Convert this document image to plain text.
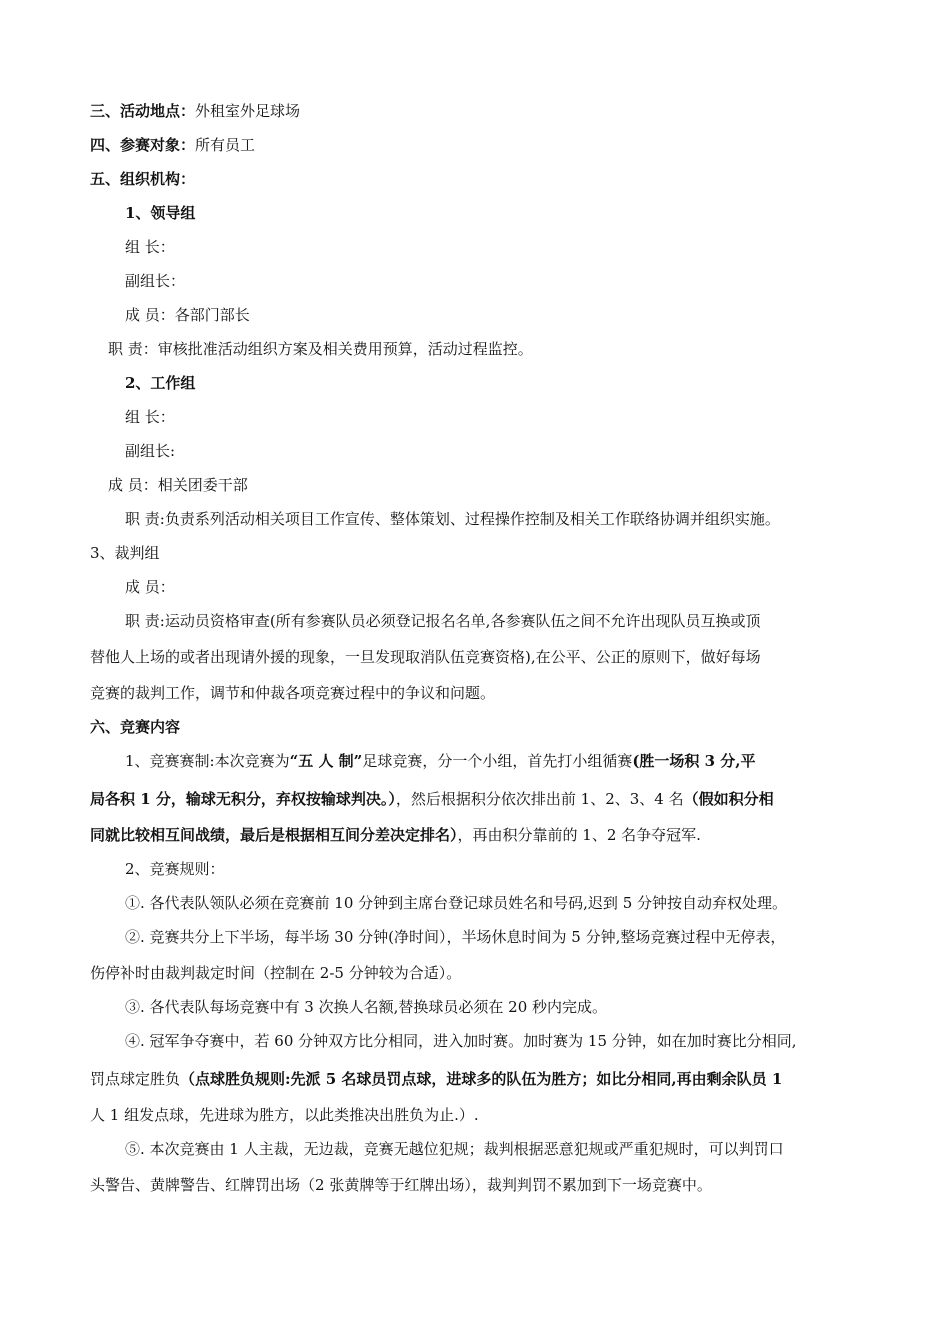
三、活动地点：外租室外足球场
四、参赛对象：所有员工
五、组织机构：
1、领导组
组 长：
副组长：
成 员：各部门部长
职 责：审核批准活动组织方案及相关费用预算，活动过程监控。
2、工作组
组 长：
副组长:
成 员：相关团委干部
职 责:负责系列活动相关项目工作宣传、整体策划、过程操作控制及相关工作联络协调并组织实施。
3、裁判组
成 员：
职 责:运动员资格审查(所有参赛队员必须登记报名名单,各参赛队伍之间不允许出现队员互换或顶
替他人上场的或者出现请外援的现象，一旦发现取消队伍竞赛资格),在公平、公正的原则下，做好每场
竞赛的裁判工作，调节和仲裁各项竞赛过程中的争议和问题。
六、竞赛内容
1、竞赛赛制:本次竞赛为“五 人 制”足球竞赛，分一个小组，首先打小组循赛(胜一场积 3 分,平
局各积 1 分，输球无积分，弃权按输球判决。），然后根据积分依次排出前 1、2、3、4 名（假如积分相
同就比较相互间战绩，最后是根据相互间分差决定排名），再由积分靠前的 1、2 名争夺冠军.
2、竞赛规则：
①. 各代表队领队必须在竞赛前 10 分钟到主席台登记球员姓名和号码,迟到 5 分钟按自动弃权处理。
②. 竞赛共分上下半场，每半场 30 分钟(净时间），半场休息时间为 5 分钟,整场竞赛过程中无停表，
伤停补时由裁判裁定时间（控制在 2-5 分钟较为合适）。
③. 各代表队每场竞赛中有 3 次换人名额,替换球员必须在 20 秒内完成。
④. 冠军争夺赛中，若 60 分钟双方比分相同，进入加时赛。加时赛为 15 分钟，如在加时赛比分相同,
罚点球定胜负（点球胜负规则:先派 5 名球员罚点球，进球多的队伍为胜方；如比分相同,再由剩余队员 1
人 1 组发点球，先进球为胜方，以此类推决出胜负为止.）.
⑤. 本次竞赛由 1 人主裁，无边裁，竞赛无越位犯规；裁判根据恶意犯规或严重犯规时，可以判罚口
头警告、黄牌警告、红牌罚出场（2 张黄牌等于红牌出场），裁判判罚不累加到下一场竞赛中。
